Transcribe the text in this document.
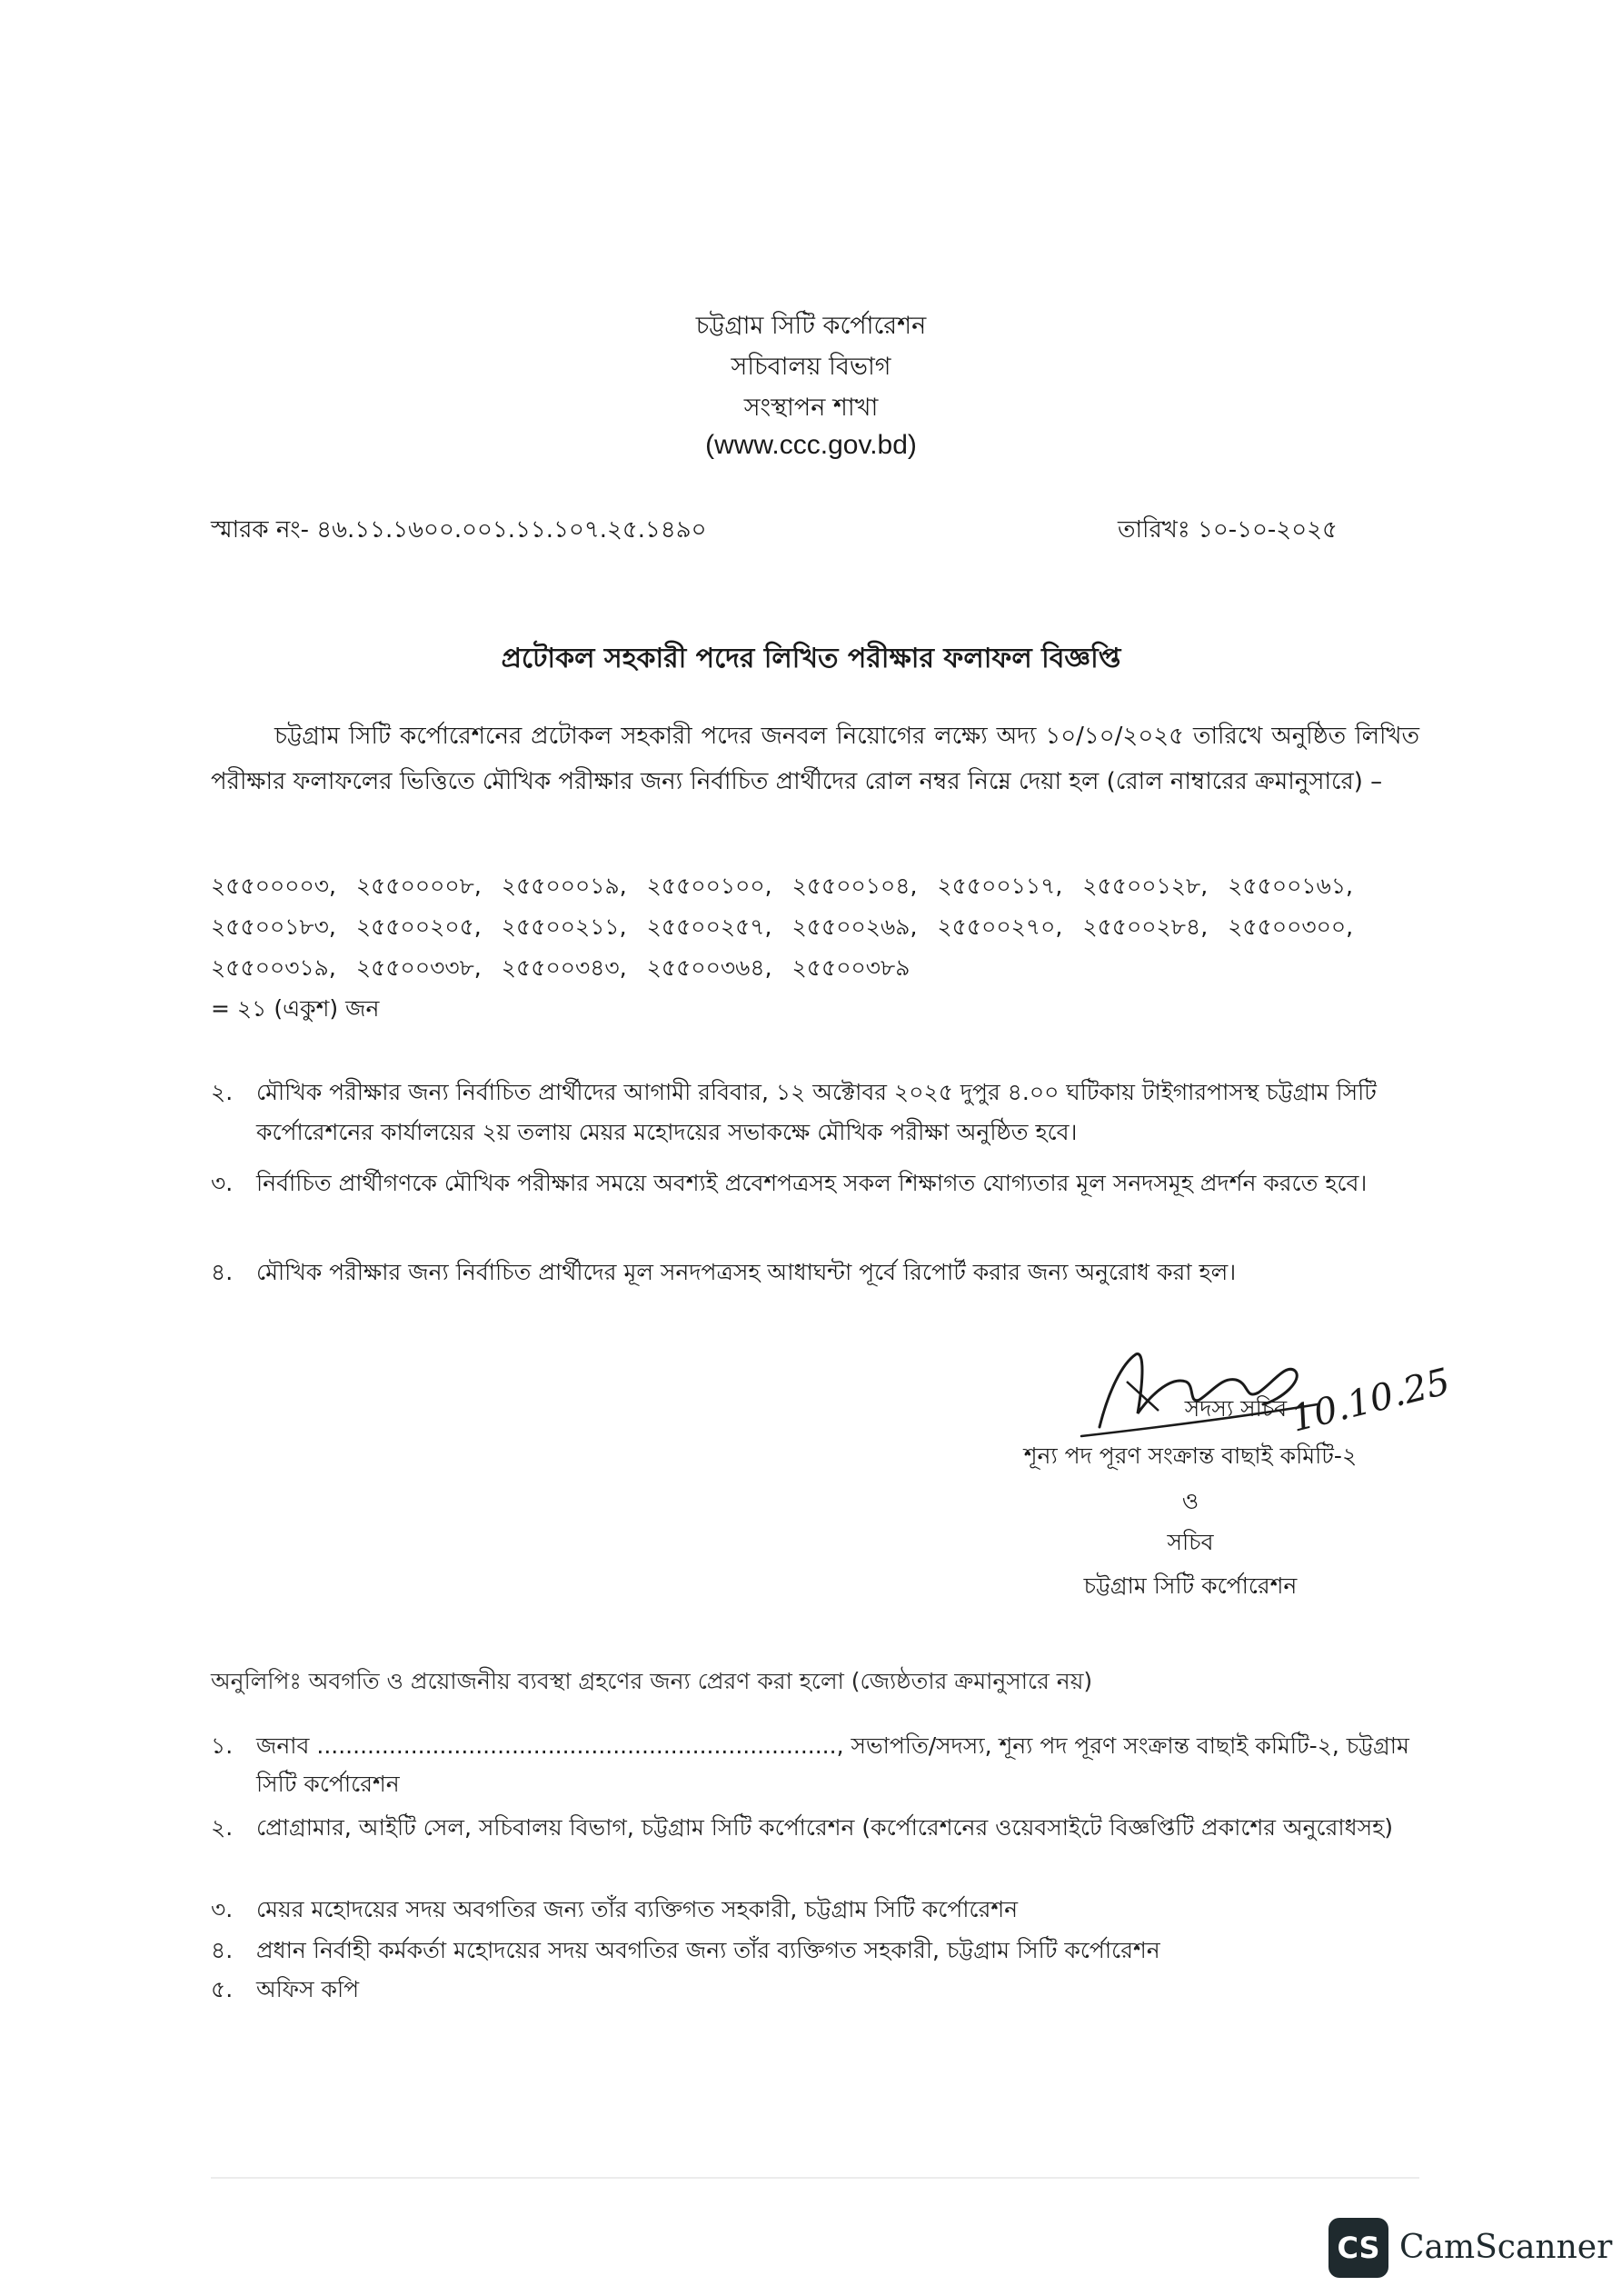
চট্টগ্রাম সিটি কর্পোরেশন
সচিবালয় বিভাগ
সংস্থাপন শাখা
(www.ccc.gov.bd)
স্মারক নং- ৪৬.১১.১৬০০.০০১.১১.১০৭.২৫.১৪৯০	তারিখঃ ১০-১০-২০২৫
প্রটোকল সহকারী পদের লিখিত পরীক্ষার ফলাফল বিজ্ঞপ্তি
চট্টগ্রাম সিটি কর্পোরেশনের প্রটোকল সহকারী পদের জনবল নিয়োগের লক্ষ্যে অদ্য ১০/১০/২০২৫ তারিখে অনুষ্ঠিত লিখিত পরীক্ষার ফলাফলের ভিত্তিতে মৌখিক পরীক্ষার জন্য নির্বাচিত প্রার্থীদের রোল নম্বর নিম্নে দেয়া হল (রোল নাম্বারের ক্রমানুসারে) –
২৫৫০০০০৩, ২৫৫০০০০৮, ২৫৫০০০১৯, ২৫৫০০১০০, ২৫৫০০১০৪, ২৫৫০০১১৭, ২৫৫০০১২৮, ২৫৫০০১৬১,২৫৫০০১৮৩, ২৫৫০০২০৫, ২৫৫০০২১১, ২৫৫০০২৫৭, ২৫৫০০২৬৯, ২৫৫০০২৭০, ২৫৫০০২৮৪, ২৫৫০০৩০০,২৫৫০০৩১৯, ২৫৫০০৩৩৮, ২৫৫০০৩৪৩, ২৫৫০০৩৬৪, ২৫৫০০৩৮৯
= ২১ (একুশ) জন
২.	মৌখিক পরীক্ষার জন্য নির্বাচিত প্রার্থীদের আগামী রবিবার, ১২ অক্টোবর ২০২৫ দুপুর ৪.০০ ঘটিকায় টাইগারপাসস্থ চট্টগ্রাম সিটি কর্পোরেশনের কার্যালয়ের ২য় তলায় মেয়র মহোদয়ের সভাকক্ষে মৌখিক পরীক্ষা অনুষ্ঠিত হবে।
৩.	নির্বাচিত প্রার্থীগণকে মৌখিক পরীক্ষার সময়ে অবশ্যই প্রবেশপত্রসহ সকল শিক্ষাগত যোগ্যতার মূল সনদসমূহ প্রদর্শন করতে হবে।
৪.	মৌখিক পরীক্ষার জন্য নির্বাচিত প্রার্থীদের মূল সনদপত্রসহ আধাঘন্টা পূর্বে রিপোর্ট করার জন্য অনুরোধ করা হল।
10.10.25
সদস্য সচিব
শূন্য পদ পূরণ সংক্রান্ত বাছাই কমিটি-২
ও
সচিব
চট্টগ্রাম সিটি কর্পোরেশন
অনুলিপিঃ অবগতি ও প্রয়োজনীয় ব্যবস্থা গ্রহণের জন্য প্রেরণ করা হলো (জ্যেষ্ঠতার ক্রমানুসারে নয়)
১.	জনাব ........................................................................, সভাপতি/সদস্য, শূন্য পদ পূরণ সংক্রান্ত বাছাই কমিটি-২, চট্টগ্রাম সিটি কর্পোরেশন
২.	প্রোগ্রামার, আইটি সেল, সচিবালয় বিভাগ, চট্টগ্রাম সিটি কর্পোরেশন (কর্পোরেশনের ওয়েবসাইটে বিজ্ঞপ্তিটি প্রকাশের অনুরোধসহ)
৩.	মেয়র মহোদয়ের সদয় অবগতির জন্য তাঁর ব্যক্তিগত সহকারী, চট্টগ্রাম সিটি কর্পোরেশন
৪.	প্রধান নির্বাহী কর্মকর্তা মহোদয়ের সদয় অবগতির জন্য তাঁর ব্যক্তিগত সহকারী, চট্টগ্রাম সিটি কর্পোরেশন
৫.	অফিস কপি
CS CamScanner
